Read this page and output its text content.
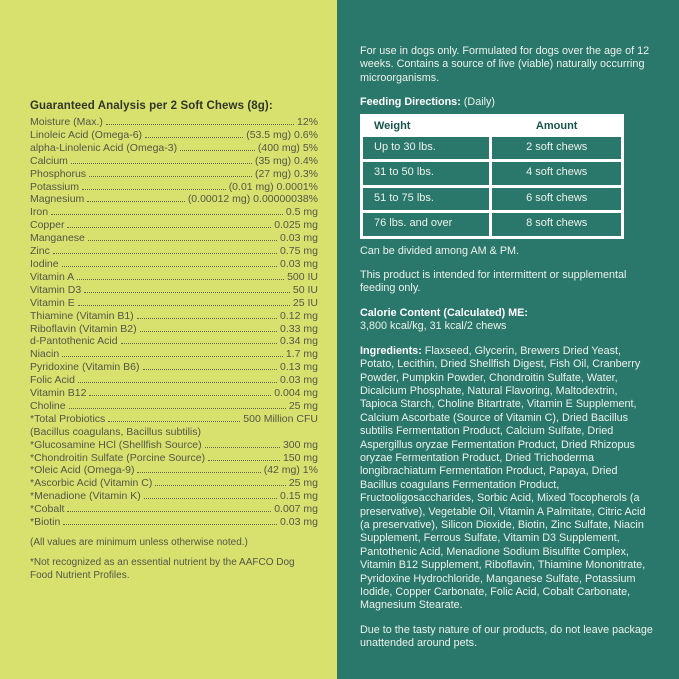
Guaranteed Analysis per 2 Soft Chews (8g):
Moisture (Max.)	12%
Linoleic Acid (Omega-6)	(53.5 mg) 0.6%
alpha-Linolenic Acid (Omega-3)	(400 mg) 5%
Calcium	(35 mg) 0.4%
Phosphorus	(27 mg) 0.3%
Potassium	(0.01 mg) 0.0001%
Magnesium	(0.00012 mg) 0.00000038%
Iron	0.5 mg
Copper	0.025 mg
Manganese	0.03 mg
Zinc	0.75 mg
Iodine	0.03 mg
Vitamin A	500 IU
Vitamin D3	50 IU
Vitamin E	25 IU
Thiamine (Vitamin B1)	0.12 mg
Riboflavin (Vitamin B2)	0.33 mg
d-Pantothenic Acid	0.34 mg
Niacin	1.7 mg
Pyridoxine (Vitamin B6)	0.13 mg
Folic Acid	0.03 mg
Vitamin B12	0.004 mg
Choline	25 mg
*Total Probiotics	500 Million CFU
(Bacillus coagulans, Bacillus subtilis)
*Glucosamine HCl (Shellfish Source)	300 mg
*Chondroitin Sulfate (Porcine Source)	150 mg
*Oleic Acid (Omega-9)	(42 mg) 1%
*Ascorbic Acid (Vitamin C)	25 mg
*Menadione (Vitamin K)	0.15 mg
*Cobalt	0.007 mg
*Biotin	0.03 mg
(All values are minimum unless otherwise noted.)
*Not recognized as an essential nutrient by the AAFCO Dog Food Nutrient Profiles.

For use in dogs only. Formulated for dogs over the age of 12 weeks. Contains a source of live (viable) naturally occurring microorganisms.

Feeding Directions: (Daily)
Weight	Amount
Up to 30 lbs.	2 soft chews
31 to 50 lbs.	4 soft chews
51 to 75 lbs.	6 soft chews
76 lbs. and over	8 soft chews

Can be divided among AM & PM.

This product is intended for intermittent or supplemental feeding only.

Calorie Content (Calculated) ME:
3,800 kcal/kg, 31 kcal/2 chews

Ingredients: Flaxseed, Glycerin, Brewers Dried Yeast, Potato, Lecithin, Dried Shellfish Digest, Fish Oil, Cranberry Powder, Pumpkin Powder, Chondroitin Sulfate, Water, Dicalcium Phosphate, Natural Flavoring, Maltodextrin, Tapioca Starch, Choline Bitartrate, Vitamin E Supplement, Calcium Ascorbate (Source of Vitamin C), Dried Bacillus subtilis Fermentation Product, Calcium Sulfate, Dried Aspergillus oryzae Fermentation Product, Dried Rhizopus oryzae Fermentation Product, Dried Trichoderma longibrachiatum Fermentation Product, Papaya, Dried Bacillus coagulans Fermentation Product, Fructooligosaccharides, Sorbic Acid, Mixed Tocopherols (a preservative), Vegetable Oil, Vitamin A Palmitate, Citric Acid (a preservative), Silicon Dioxide, Biotin, Zinc Sulfate, Niacin Supplement, Ferrous Sulfate, Vitamin D3 Supplement, Pantothenic Acid, Menadione Sodium Bisulfite Complex, Vitamin B12 Supplement, Riboflavin, Thiamine Mononitrate, Pyridoxine Hydrochloride, Manganese Sulfate, Potassium Iodide, Copper Carbonate, Folic Acid, Cobalt Carbonate, Magnesium Stearate.

Due to the tasty nature of our products, do not leave package unattended around pets.
